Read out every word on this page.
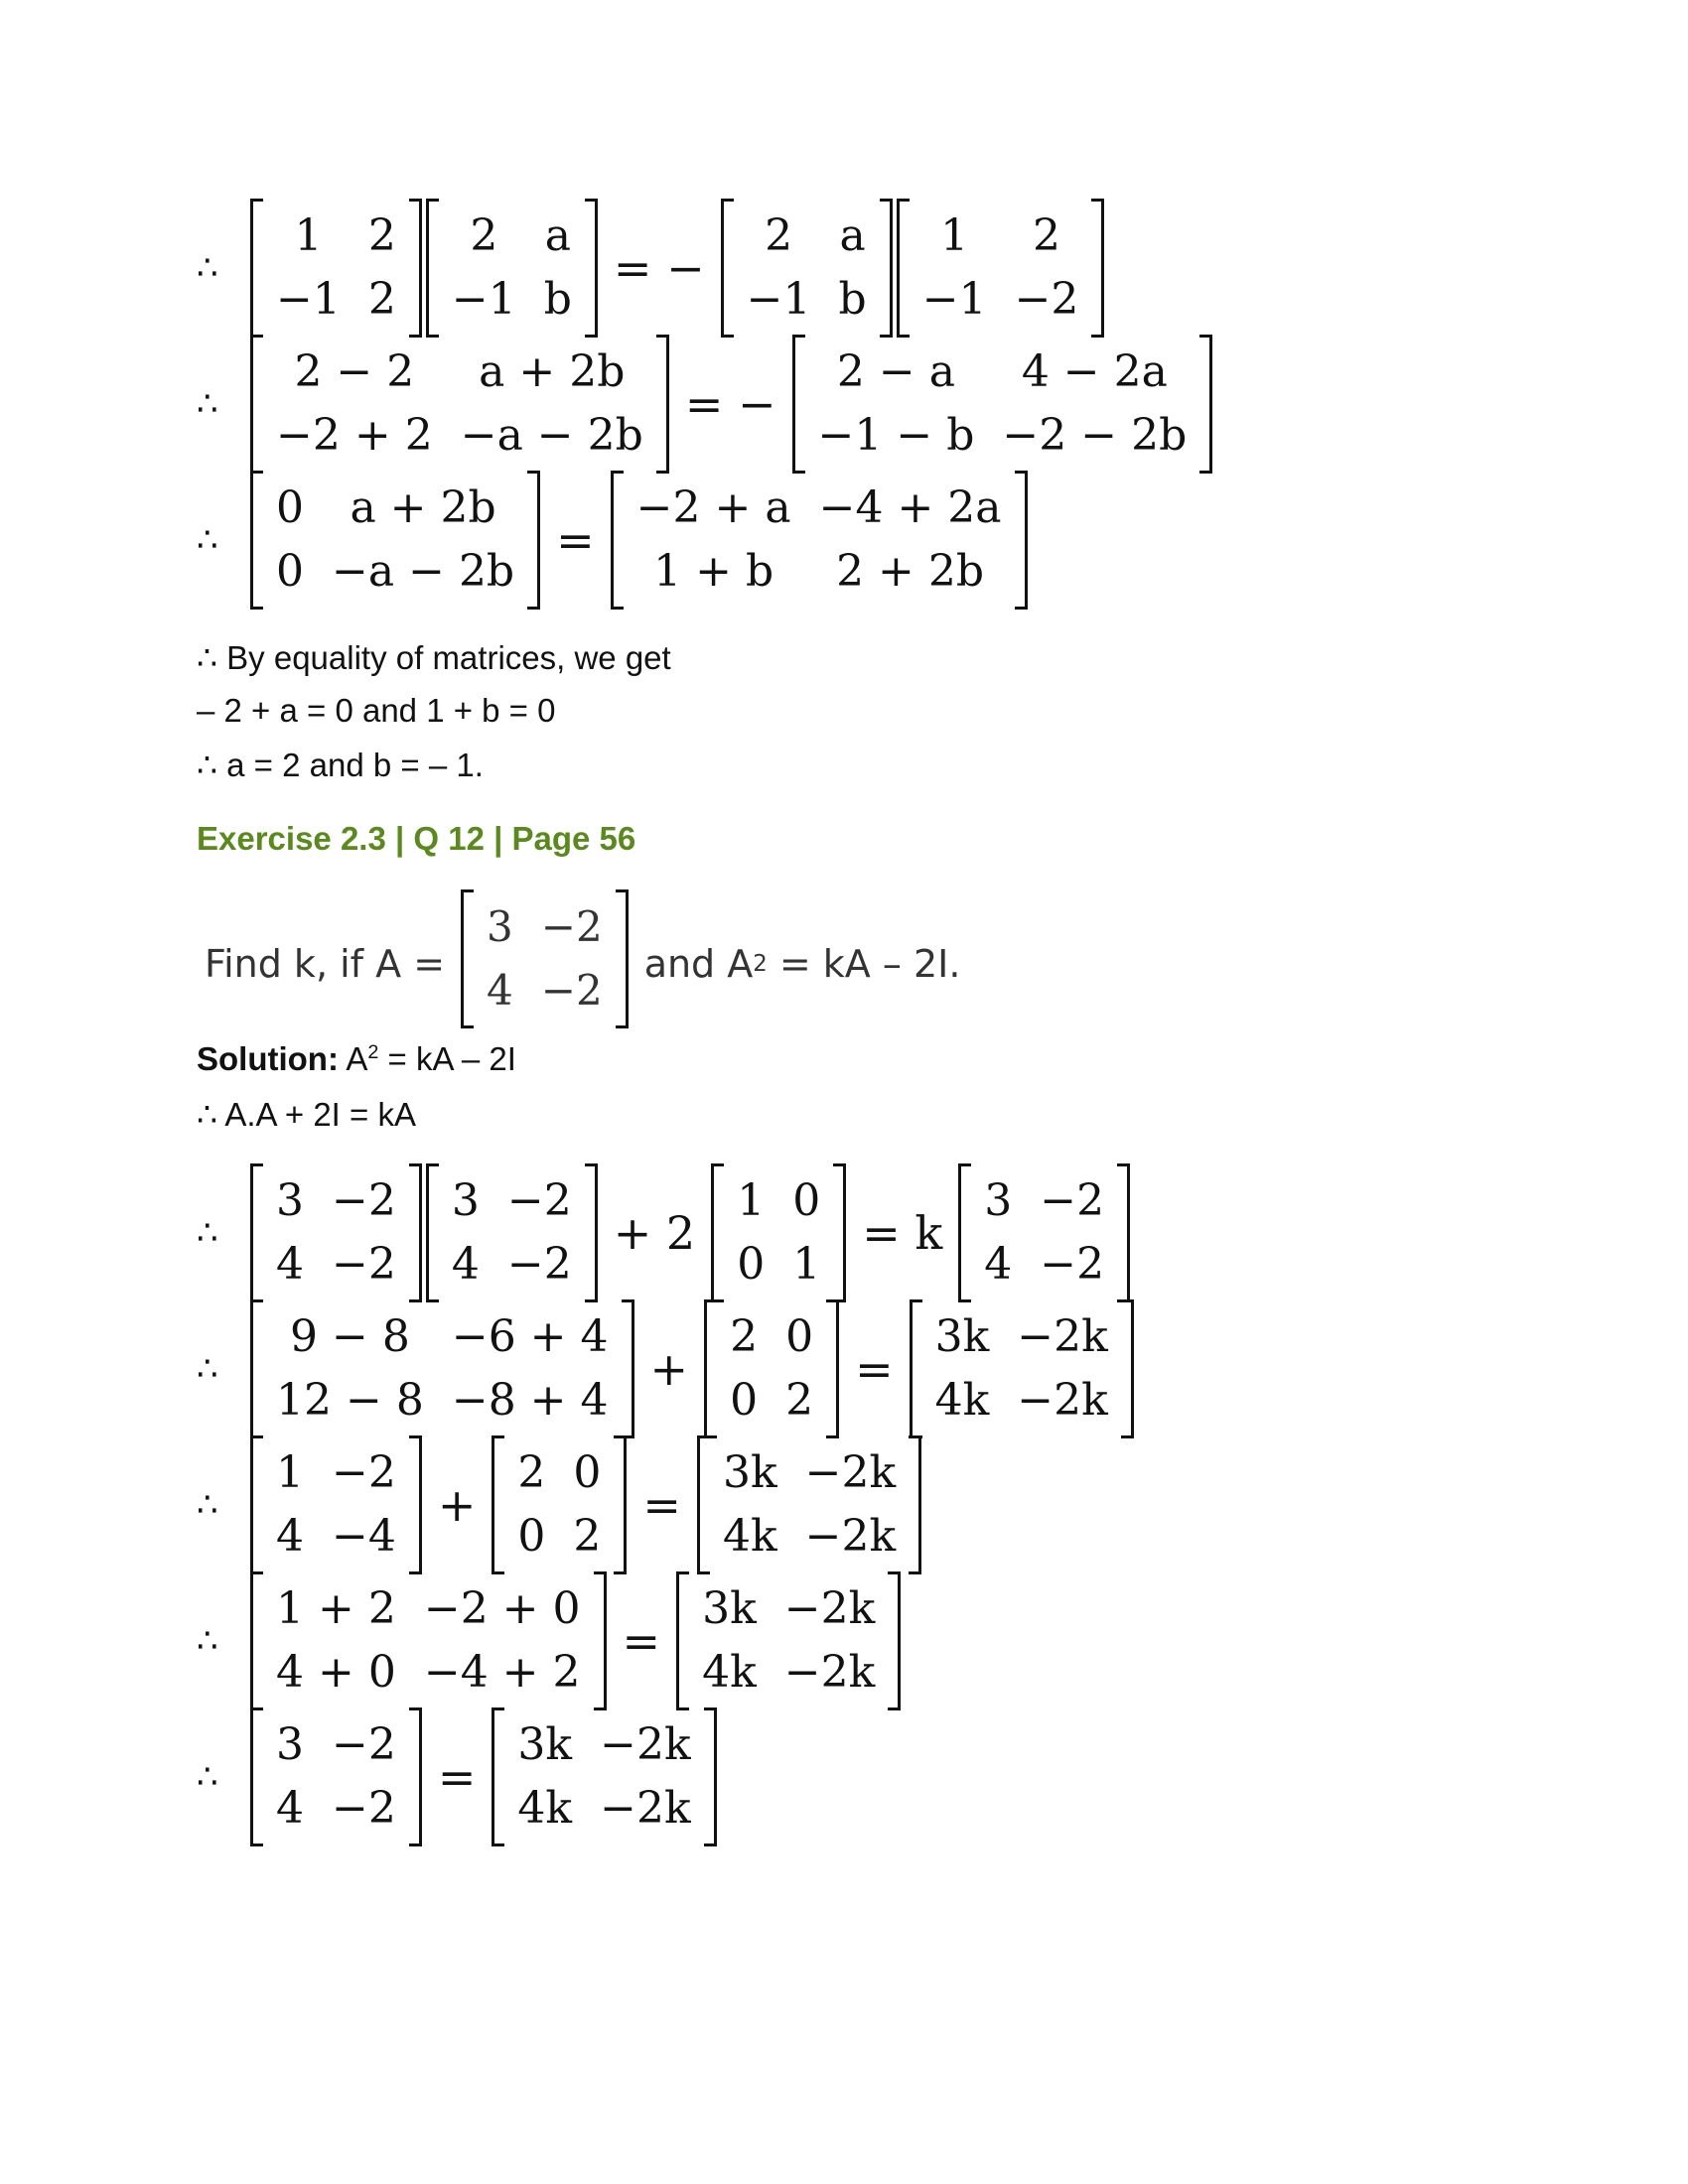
∴
1	2
−1	2
2	a
−1	b
= −
2	a
−1	b
1	2
−1	−2
∴
2 − 2	a + 2b
−2 + 2	−a − 2b
= −
2 − a	4 − 2a
−1 − b	−2 − 2b
∴
0	a + 2b
0	−a − 2b
=
−2 + a	−4 + 2a
1 + b	2 + 2b
∴ By equality of matrices, we get
– 2 + a = 0 and 1 + b = 0
∴ a = 2 and b = – 1.
Exercise 2.3 | Q 12 | Page 56
Find k, if A =
3	−2
4	−2
and A 2
= kA – 2I.
Solution: $A^2$ = kA – 2I
∴ A.A + 2I = kA
∴
3	−2
4	−2
3	−2
4	−2
+ 2
1	0
0	1
= k
3	−2
4	−2
∴
9 − 8	−6 + 4
12 − 8	−8 + 4
+
2	0
0	2
=
3k	−2k
4k	−2k
∴
1	−2
4	−4
+
2	0
0	2
=
3k	−2k
4k	−2k
∴
1 + 2	−2 + 0
4 + 0	−4 + 2
=
3k	−2k
4k	−2k
∴
3	−2
4	−2
=
3k	−2k
4k	−2k
